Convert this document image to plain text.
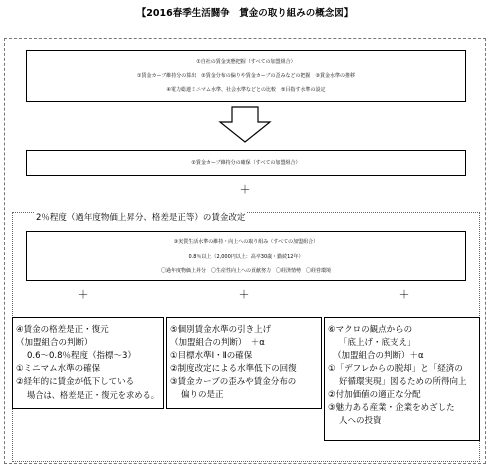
【2016春季生活闘争　賃金の取り組みの概念図】
①自社の賃金実態把握（すべての加盟組合）
①賃金カーブ維持分の算出　②賃金分布の偏りや賃金カーブの歪みなどの把握　③賃金水準の推移
④電力総連ミニマム水準、社会水準などとの比較　⑤目指す水準の設定
②賃金カーブ維持分の確保（すべての加盟組合）
＋
2％程度（過年度物価上昇分、格差是正等）の賃金改定
③実質生活水準の維持・向上への取り組み（すべての加盟組合）
0.8％以上（2,000円以上：高卒30歳・勤続12年）
〇過年度物価上昇分　〇生産性向上への貢献努力　〇経済情勢　〇経営環境
＋	＋	＋
④賃金の格差是正・復元
（加盟組合の判断）
0.6～0.8％程度（指標～3）
①ミニマム水準の確保
②経年的に賃金が低下している
場合は、格差是正・復元を求める。
⑤個別賃金水準の引き上げ
（加盟組合の判断）　＋α
①目標水準Ⅰ・Ⅱの確保
②制度改定による水準低下の回復
③賃金カーブの歪みや賃金分布の
偏りの是正
⑥マクロの観点からの
「底上げ・底支え」
（加盟組合の判断）＋α
①「デフレからの脱却」と「経済の
好循環実現」図るための所得向上
②付加価値の適正な分配
③魅力ある産業・企業をめざした
人への投資
